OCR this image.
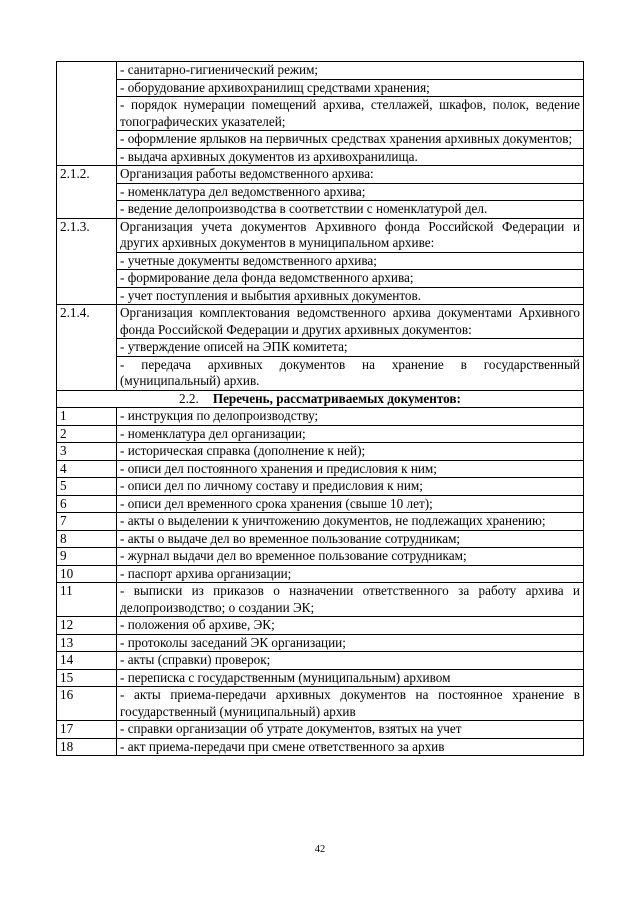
	- санитарно-гигиенический режим;
	- оборудование архивохранилищ средствами хранения;
	- порядок нумерации помещений архива, стеллажей, шкафов, полок, ведение топографических указателей;
	- оформление ярлыков на первичных средствах хранения архивных документов;
	- выдача архивных документов из архивохранилища.
2.1.2.	Организация работы ведомственного архива:
	- номенклатура дел ведомственного архива;
	- ведение делопроизводства в соответствии с номенклатурой дел.
2.1.3.	Организация учета документов Архивного фонда Российской Федерации и других архивных документов в муниципальном архиве:
	- учетные документы ведомственного архива;
	- формирование дела фонда ведомственного архива;
	- учет поступления и выбытия архивных документов.
2.1.4.	Организация комплектования ведомственного архива документами Архивного фонда Российской Федерации и других архивных документов:
	- утверждение описей на ЭПК комитета;
	- передача архивных документов на хранение в государственный (муниципальный) архив.
2.2. Перечень, рассматриваемых документов:	
1	- инструкция по делопроизводству;
2	- номенклатура дел организации;
3	- историческая справка (дополнение к ней);
4	- описи дел постоянного хранения и предисловия к ним;
5	- описи дел по личному составу и предисловия к ним;
6	- описи дел временного срока хранения (свыше 10 лет);
7	- акты о выделении к уничтожению документов, не подлежащих хранению;
8	- акты о выдаче дел во временное пользование сотрудникам;
9	- журнал выдачи дел во временное пользование сотрудникам;
10	- паспорт архива организации;
11	- выписки из приказов о назначении ответственного за работу архива и делопроизводство; о создании ЭК;
12	- положения об архиве, ЭК;
13	- протоколы заседаний ЭК организации;
14	- акты (справки) проверок;
15	- переписка с государственным (муниципальным) архивом
16	- акты приема-передачи архивных документов на постоянное хранение в государственный (муниципальный) архив
17	- справки организации об утрате документов, взятых на учет
18	- акт приема-передачи при смене ответственного за архив
42
